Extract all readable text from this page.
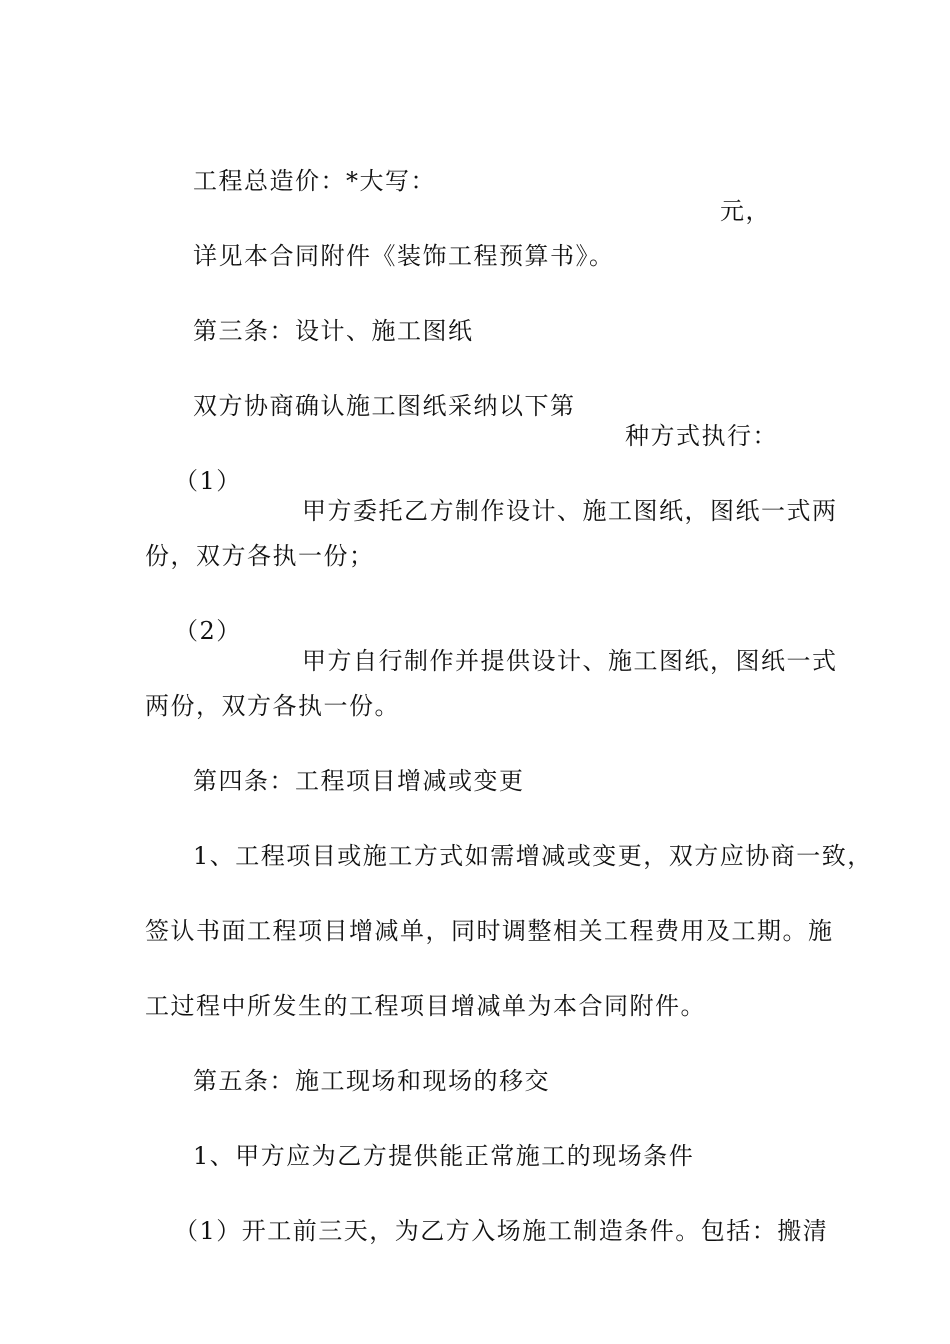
工程总造价：*大写：

元，

详见本合同附件《装饰工程预算书》。

第三条：设计、施工图纸

双方协商确认施工图纸采纳以下第

种方式执行：

（1）

甲方委托乙方制作设计、施工图纸，图纸一式两

份，双方各执一份；

（2）

甲方自行制作并提供设计、施工图纸，图纸一式

两份，双方各执一份。

第四条：工程项目增减或变更

1、工程项目或施工方式如需增减或变更，双方应协商一致，

签认书面工程项目增减单，同时调整相关工程费用及工期。施

工过程中所发生的工程项目增减单为本合同附件。

第五条：施工现场和现场的移交

1、甲方应为乙方提供能正常施工的现场条件

（1）开工前三天，为乙方入场施工制造条件。包括：搬清
